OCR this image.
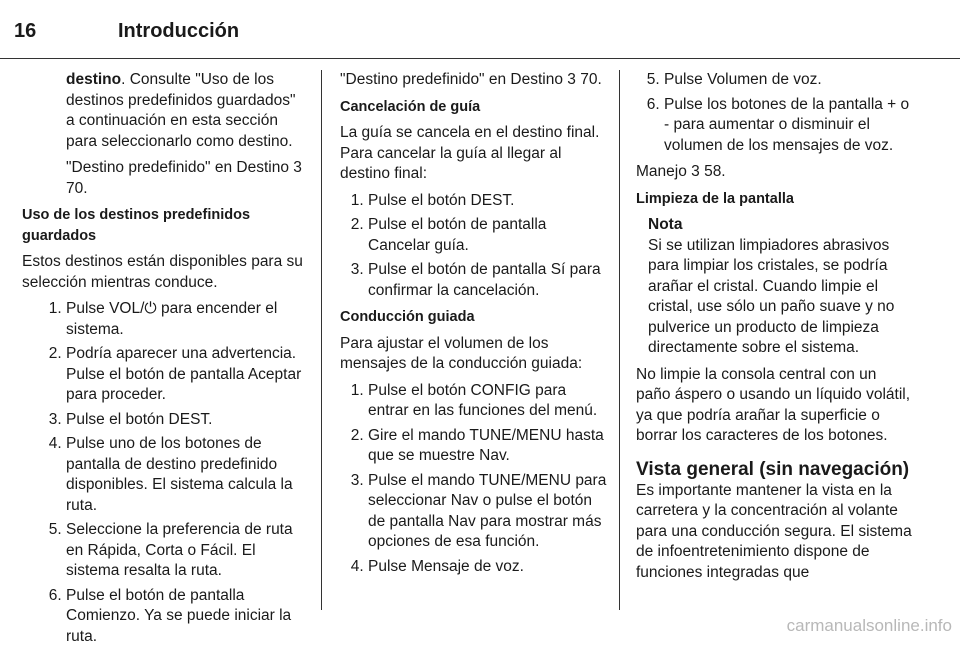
16	Introducción

destino. Consulte "Uso de los destinos predefinidos guardados" a continuación en esta sección para seleccionarlo como destino.

"Destino predefinido" en Destino 3 70.

Uso de los destinos predefinidos guardados

Estos destinos están disponibles para su selección mientras conduce.

1. Pulse VOL/⏻ para encender el sistema.
2. Podría aparecer una advertencia. Pulse el botón de pantalla Aceptar para proceder.
3. Pulse el botón DEST.
4. Pulse uno de los botones de pantalla de destino predefinido disponibles. El sistema calcula la ruta.
5. Seleccione la preferencia de ruta en Rápida, Corta o Fácil. El sistema resalta la ruta.
6. Pulse el botón de pantalla Comienzo. Ya se puede iniciar la ruta.

"Destino predefinido" en Destino 3 70.

Cancelación de guía

La guía se cancela en el destino final. Para cancelar la guía al llegar al destino final:

1. Pulse el botón DEST.
2. Pulse el botón de pantalla Cancelar guía.
3. Pulse el botón de pantalla Sí para confirmar la cancelación.

Conducción guiada

Para ajustar el volumen de los mensajes de la conducción guiada:

1. Pulse el botón CONFIG para entrar en las funciones del menú.
2. Gire el mando TUNE/MENU hasta que se muestre Nav.
3. Pulse el mando TUNE/MENU para seleccionar Nav o pulse el botón de pantalla Nav para mostrar más opciones de esa función.
4. Pulse Mensaje de voz.
5. Pulse Volumen de voz.
6. Pulse los botones de la pantalla + o - para aumentar o disminuir el volumen de los mensajes de voz.

Manejo 3 58.

Limpieza de la pantalla

Nota
Si se utilizan limpiadores abrasivos para limpiar los cristales, se podría arañar el cristal. Cuando limpie el cristal, use sólo un paño suave y no pulverice un producto de limpieza directamente sobre el sistema.

No limpie la consola central con un paño áspero o usando un líquido volátil, ya que podría arañar la superficie o borrar los caracteres de los botones.

Vista general (sin navegación)

Es importante mantener la vista en la carretera y la concentración al volante para una conducción segura. El sistema de infoentretenimiento dispone de funciones integradas que

carmanualsonline.info
